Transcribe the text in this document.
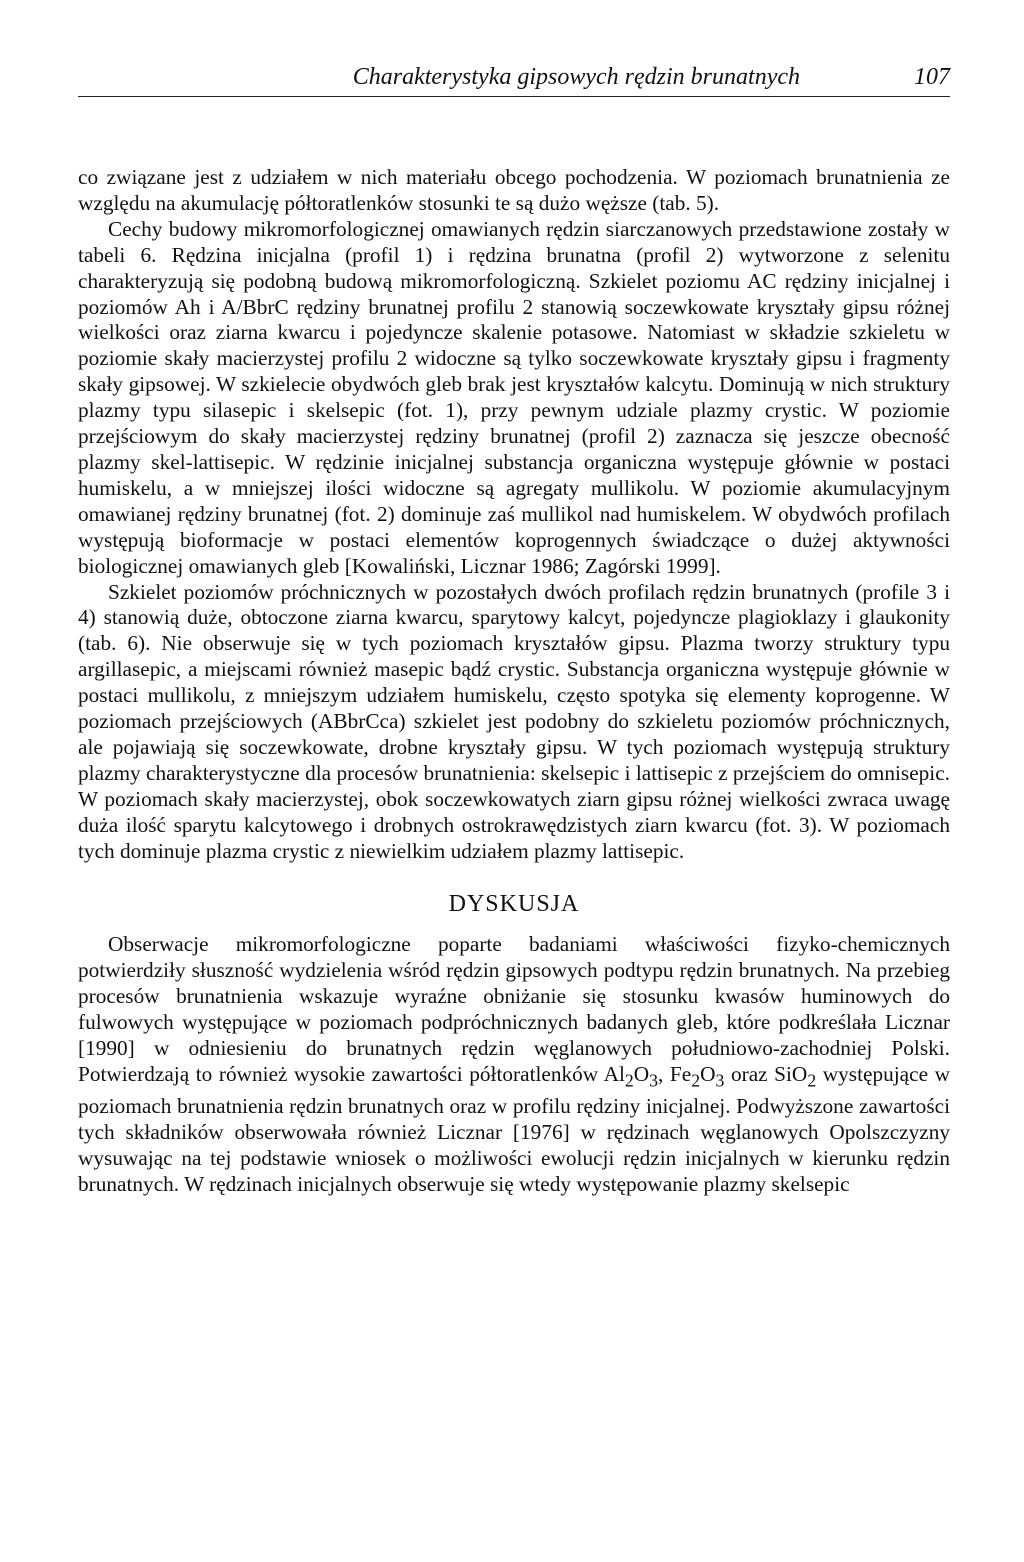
Charakterystyka gipsowych rędzin brunatnych	107

co związane jest z udziałem w nich materiału obcego pochodzenia. W poziomach brunatnienia ze względu na akumulację półtoratlenków stosunki te są dużo węższe (tab. 5).

Cechy budowy mikromorfologicznej omawianych rędzin siarczanowych przedstawione zostały w tabeli 6. Rędzina inicjalna (profil 1) i rędzina brunatna (profil 2) wytworzone z selenitu charakteryzują się podobną budową mikromorfologiczną. Szkielet poziomu AC rędziny inicjalnej i poziomów Ah i A/BbrC rędziny brunatnej profilu 2 stanowią soczewkowate kryształy gipsu różnej wielkości oraz ziarna kwarcu i pojedyncze skalenie potasowe. Natomiast w składzie szkieletu w poziomie skały macierzystej profilu 2 widoczne są tylko soczewkowate kryształy gipsu i fragmenty skały gipsowej. W szkielecie obydwóch gleb brak jest kryształów kalcytu. Dominują w nich struktury plazmy typu silasepic i skelsepic (fot. 1), przy pewnym udziale plazmy crystic. W poziomie przejściowym do skały macierzystej rędziny brunatnej (profil 2) zaznacza się jeszcze obecność plazmy skel-lattisepic. W rędzinie inicjalnej substancja organiczna występuje głównie w postaci humiskelu, a w mniejszej ilości widoczne są agregaty mullikolu. W poziomie akumulacyjnym omawianej rędziny brunatnej (fot. 2) dominuje zaś mullikol nad humiskelem. W obydwóch profilach występują bioformacje w postaci elementów koprogennych świadczące o dużej aktywności biologicznej omawianych gleb [Kowaliński, Licznar 1986; Zagórski 1999].

Szkielet poziomów próchnicznych w pozostałych dwóch profilach rędzin brunatnych (profile 3 i 4) stanowią duże, obtoczone ziarna kwarcu, sparytowy kalcyt, pojedyncze plagioklazy i glaukonity (tab. 6). Nie obserwuje się w tych poziomach kryształów gipsu. Plazma tworzy struktury typu argillasepic, a miejscami również masepic bądź crystic. Substancja organiczna występuje głównie w postaci mullikolu, z mniejszym udziałem humiskelu, często spotyka się elementy koprogenne. W poziomach przejściowych (ABbrCca) szkielet jest podobny do szkieletu poziomów próchnicznych, ale pojawiają się soczewkowate, drobne kryształy gipsu. W tych poziomach występują struktury plazmy charakterystyczne dla procesów brunatnienia: skelsepic i lattisepic z przejściem do omnisepic. W poziomach skały macierzystej, obok soczewkowatych ziarn gipsu różnej wielkości zwraca uwagę duża ilość sparytu kalcytowego i drobnych ostrokrawędzistych ziarn kwarcu (fot. 3). W poziomach tych dominuje plazma crystic z niewielkim udziałem plazmy lattisepic.

DYSKUSJA

Obserwacje mikromorfologiczne poparte badaniami właściwości fizyko-chemicznych potwierdziły słuszność wydzielenia wśród rędzin gipsowych podtypu rędzin brunatnych. Na przebieg procesów brunatnienia wskazuje wyraźne obniżanie się stosunku kwasów huminowych do fulwowych występujące w poziomach podpróchnicznych badanych gleb, które podkreślała Licznar [1990] w odniesieniu do brunatnych rędzin węglanowych południowo-zachodniej Polski. Potwierdzają to również wysokie zawartości półtoratlenków $Al_2O_3$, $Fe_2O_3$ oraz SiO$_2$ występujące w poziomach brunatnienia rędzin brunatnych oraz w profilu rędziny inicjalnej. Podwyższone zawartości tych składników obserwowała również Licznar [1976] w rędzinach węglanowych Opolszczyzny wysuwając na tej podstawie wniosek o możliwości ewolucji rędzin inicjalnych w kierunku rędzin brunatnych. W rędzinach inicjalnych obserwuje się wtedy występowanie plazmy skelsepic
